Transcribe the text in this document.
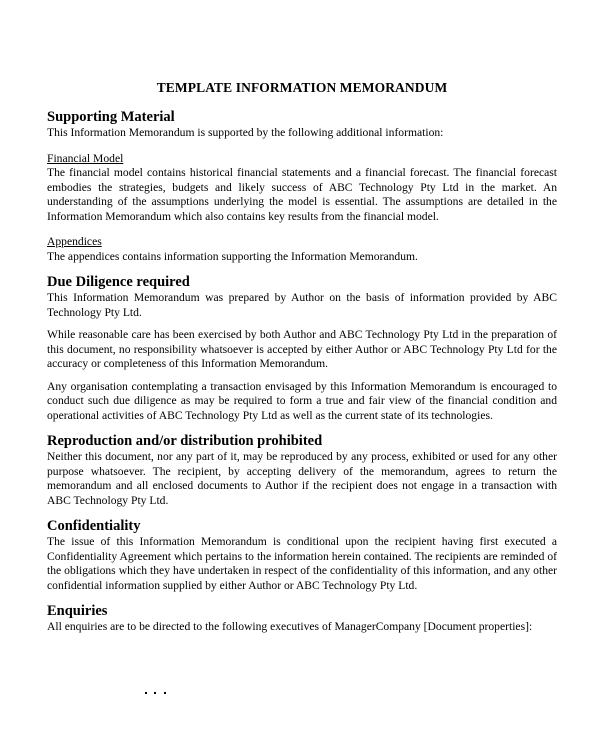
TEMPLATE INFORMATION MEMORANDUM
Supporting Material

This Information Memorandum is supported by the following additional information:

Financial Model

The financial model contains historical financial statements and a financial forecast. The financial forecast embodies the strategies, budgets and likely success of ABC Technology Pty Ltd in the market. An understanding of the assumptions underlying the model is essential. The assumptions are detailed in the Information Memorandum which also contains key results from the financial model.

Appendices

The appendices contains information supporting the Information Memorandum.

Due Diligence required

This Information Memorandum was prepared by Author on the basis of information provided by ABC Technology Pty Ltd.

While reasonable care has been exercised by both Author and ABC Technology Pty Ltd in the preparation of this document, no responsibility whatsoever is accepted by either Author or ABC Technology Pty Ltd for the accuracy or completeness of this Information Memorandum.

Any organisation contemplating a transaction envisaged by this Information Memorandum is encouraged to conduct such due diligence as may be required to form a true and fair view of the financial condition and operational activities of ABC Technology Pty Ltd as well as the current state of its technologies.

Reproduction and/or distribution prohibited

Neither this document, nor any part of it, may be reproduced by any process, exhibited or used for any other purpose whatsoever. The recipient, by accepting delivery of the memorandum, agrees to return the memorandum and all enclosed documents to Author if the recipient does not engage in a transaction with ABC Technology Pty Ltd.

Confidentiality

The issue of this Information Memorandum is conditional upon the recipient having first executed a Confidentiality Agreement which pertains to the information herein contained. The recipients are reminded of the obligations which they have undertaken in respect of the confidentiality of this information, and any other confidential information supplied by either Author or ABC Technology Pty Ltd.

Enquiries

All enquiries are to be directed to the following executives of ManagerCompany [Document properties]:
